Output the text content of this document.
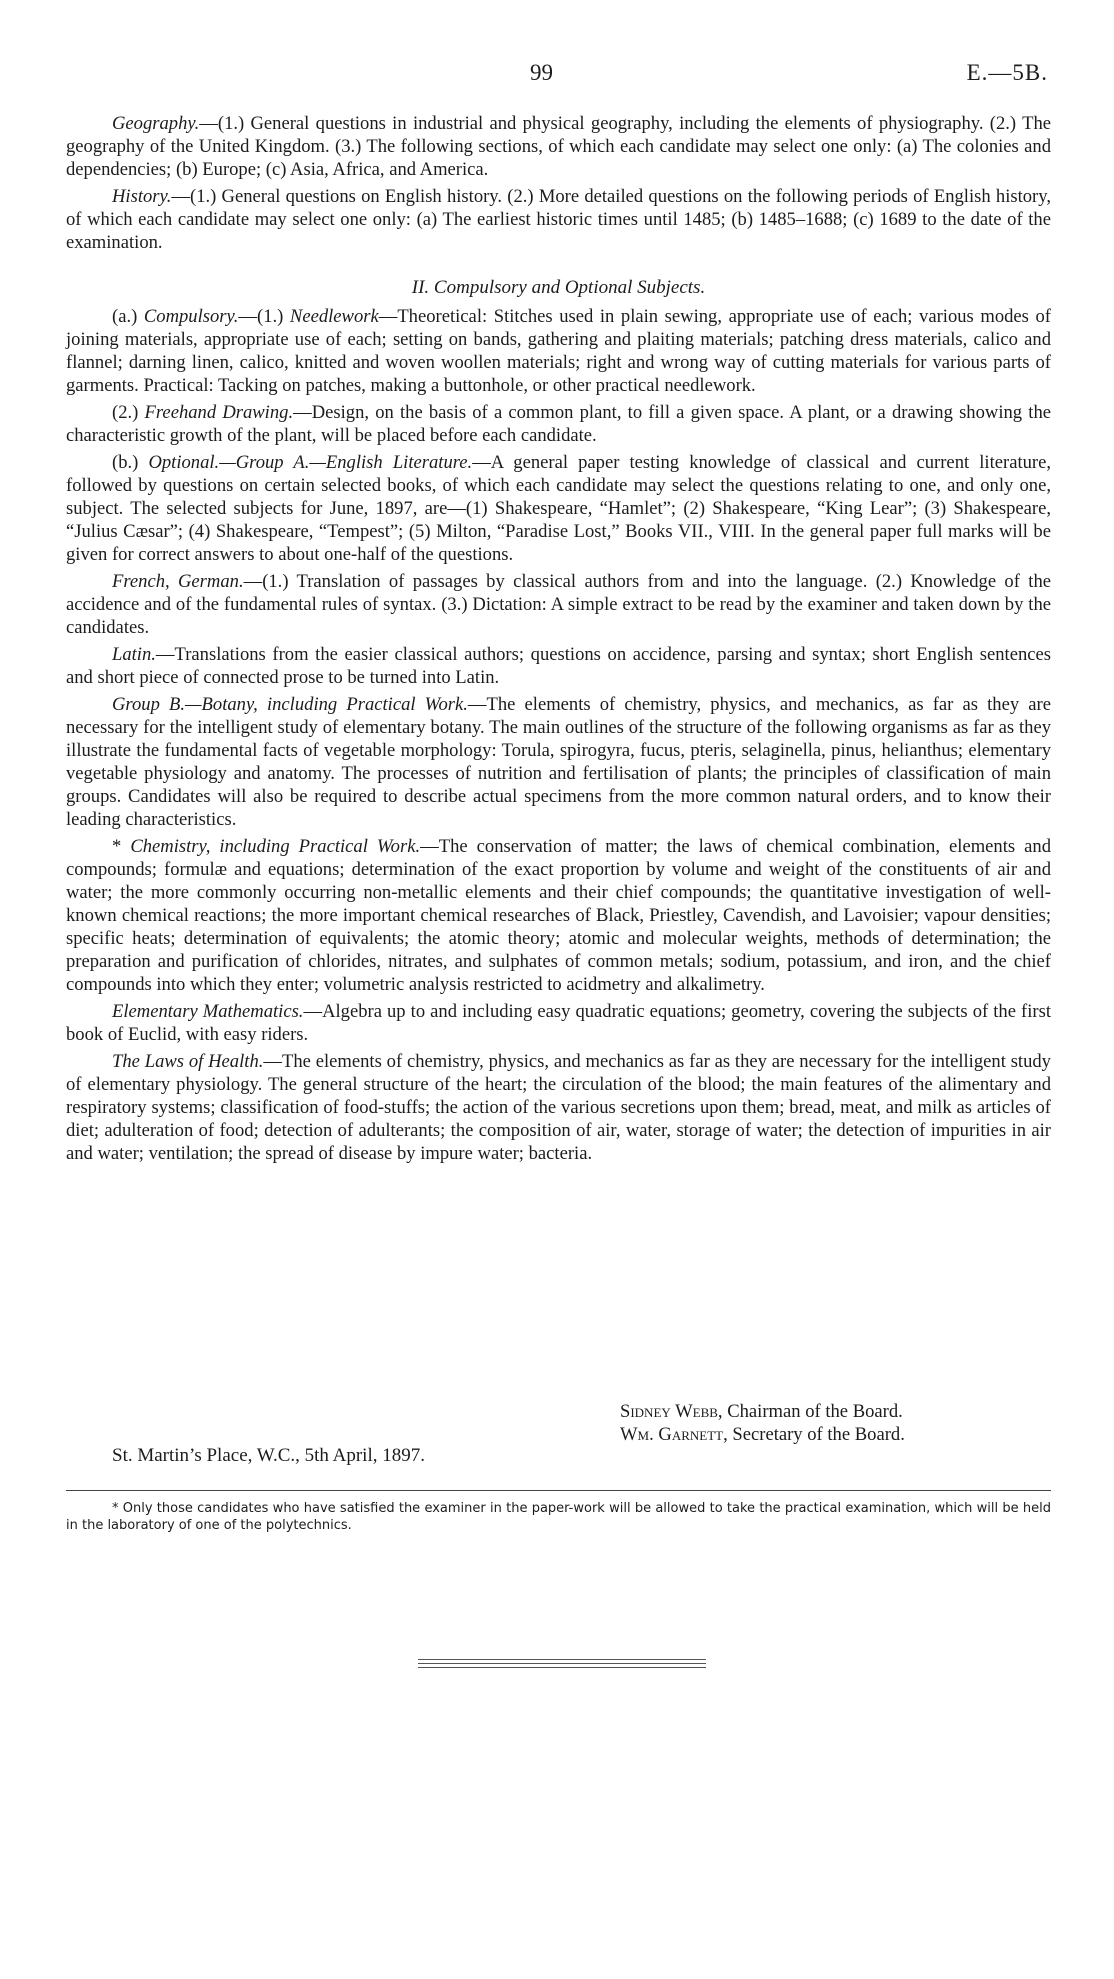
99	E.—5B.

Geography.—(1.) General questions in industrial and physical geography, including the elements of physiography. (2.) The geography of the United Kingdom. (3.) The following sections, of which each candidate may select one only: (a) The colonies and dependencies; (b) Europe; (c) Asia, Africa, and America.

History.—(1.) General questions on English history. (2.) More detailed questions on the following periods of English history, of which each candidate may select one only: (a) The earliest historic times until 1485; (b) 1485–1688; (c) 1689 to the date of the examination.

II. Compulsory and Optional Subjects.

(a.) Compulsory.—(1.) Needlework—Theoretical: Stitches used in plain sewing, appropriate use of each; various modes of joining materials, appropriate use of each; setting on bands, gathering and plaiting materials; patching dress materials, calico and flannel; darning linen, calico, knitted and woven woollen materials; right and wrong way of cutting materials for various parts of garments. Practical: Tacking on patches, making a buttonhole, or other practical needlework.

(2.) Freehand Drawing.—Design, on the basis of a common plant, to fill a given space. A plant, or a drawing showing the characteristic growth of the plant, will be placed before each candidate.

(b.) Optional.—Group A.—English Literature.—A general paper testing knowledge of classical and current literature, followed by questions on certain selected books, of which each candidate may select the questions relating to one, and only one, subject. The selected subjects for June, 1897, are—(1) Shakespeare, “Hamlet”; (2) Shakespeare, “King Lear”; (3) Shakespeare, “Julius Cæsar”; (4) Shakespeare, “Tempest”; (5) Milton, “Paradise Lost,” Books VII., VIII. In the general paper full marks will be given for correct answers to about one-half of the questions.

French, German.—(1.) Translation of passages by classical authors from and into the language. (2.) Knowledge of the accidence and of the fundamental rules of syntax. (3.) Dictation: A simple extract to be read by the examiner and taken down by the candidates.

Latin.—Translations from the easier classical authors; questions on accidence, parsing and syntax; short English sentences and short piece of connected prose to be turned into Latin.

Group B.—Botany, including Practical Work.—The elements of chemistry, physics, and mechanics, as far as they are necessary for the intelligent study of elementary botany. The main outlines of the structure of the following organisms as far as they illustrate the fundamental facts of vegetable morphology: Torula, spirogyra, fucus, pteris, selaginella, pinus, helianthus; elementary vegetable physiology and anatomy. The processes of nutrition and fertilisation of plants; the principles of classification of main groups. Candidates will also be required to describe actual specimens from the more common natural orders, and to know their leading characteristics.

* Chemistry, including Practical Work.—The conservation of matter; the laws of chemical combination, elements and compounds; formulæ and equations; determination of the exact proportion by volume and weight of the constituents of air and water; the more commonly occurring non-metallic elements and their chief compounds; the quantitative investigation of well-known chemical reactions; the more important chemical researches of Black, Priestley, Cavendish, and Lavoisier; vapour densities; specific heats; determination of equivalents; the atomic theory; atomic and molecular weights, methods of determination; the preparation and purification of chlorides, nitrates, and sulphates of common metals; sodium, potassium, and iron, and the chief compounds into which they enter; volumetric analysis restricted to acidmetry and alkalimetry.

Elementary Mathematics.—Algebra up to and including easy quadratic equations; geometry, covering the subjects of the first book of Euclid, with easy riders.

The Laws of Health.—The elements of chemistry, physics, and mechanics as far as they are necessary for the intelligent study of elementary physiology. The general structure of the heart; the circulation of the blood; the main features of the alimentary and respiratory systems; classification of food-stuffs; the action of the various secretions upon them; bread, meat, and milk as articles of diet; adulteration of food; detection of adulterants; the composition of air, water, storage of water; the detection of impurities in air and water; ventilation; the spread of disease by impure water; bacteria.

Sidney Webb, Chairman of the Board.
Wm. Garnett, Secretary of the Board.
St. Martin’s Place, W.C., 5th April, 1897.
* Only those candidates who have satisfied the examiner in the paper-work will be allowed to take the practical examination, which will be held in the laboratory of one of the polytechnics.
